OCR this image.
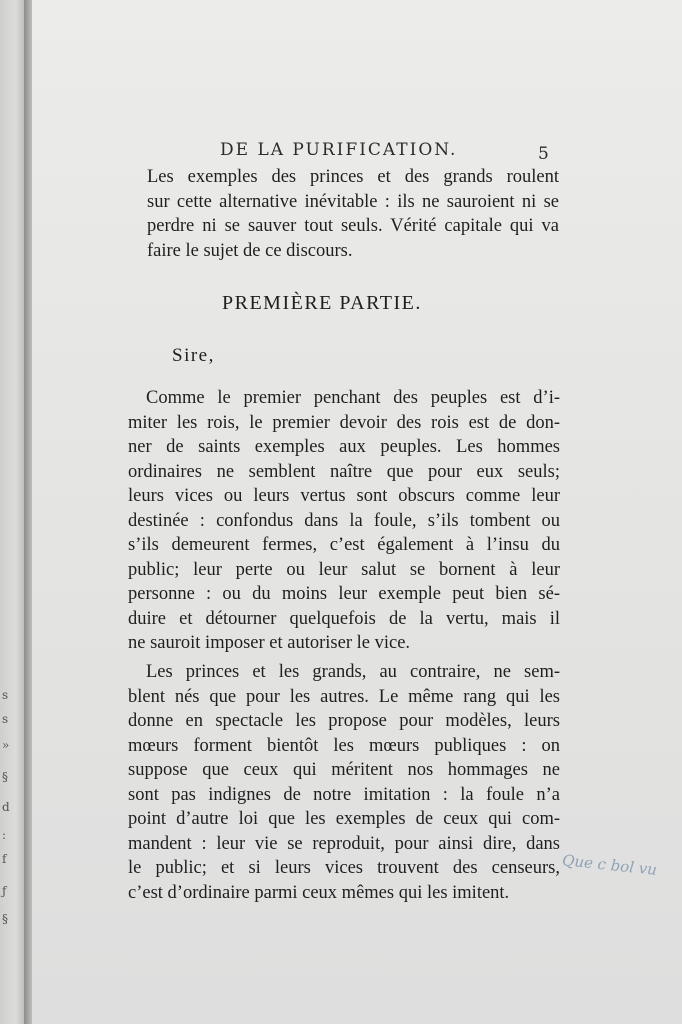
s
s
»
§
d
:
f
ƒ
§
DE LA PURIFICATION.	5
Les exemples des princes et des grands roulent
sur cette alternative inévitable : ils ne sauroient ni se
perdre ni se sauver tout seuls. Vérité capitale qui va
faire le sujet de ce discours.
PREMIÈRE PARTIE.
Sire,
Comme le premier penchant des peuples est d’i-
miter les rois, le premier devoir des rois est de don-
ner de saints exemples aux peuples. Les hommes
ordinaires ne semblent naître que pour eux seuls;
leurs vices ou leurs vertus sont obscurs comme leur
destinée : confondus dans la foule, s’ils tombent ou
s’ils demeurent fermes, c’est également à l’insu du
public; leur perte ou leur salut se bornent à leur
personne : ou du moins leur exemple peut bien sé-
duire et détourner quelquefois de la vertu, mais il
ne sauroit imposer et autoriser le vice.
Les princes et les grands, au contraire, ne sem-
blent nés que pour les autres. Le même rang qui les
donne en spectacle les propose pour modèles, leurs
mœurs forment bientôt les mœurs publiques : on
suppose que ceux qui méritent nos hommages ne
sont pas indignes de notre imitation : la foule n’a
point d’autre loi que les exemples de ceux qui com-
mandent : leur vie se reproduit, pour ainsi dire, dans
le public; et si leurs vices trouvent des censeurs,
c’est d’ordinaire parmi ceux mêmes qui les imitent.
Que c bol vu
